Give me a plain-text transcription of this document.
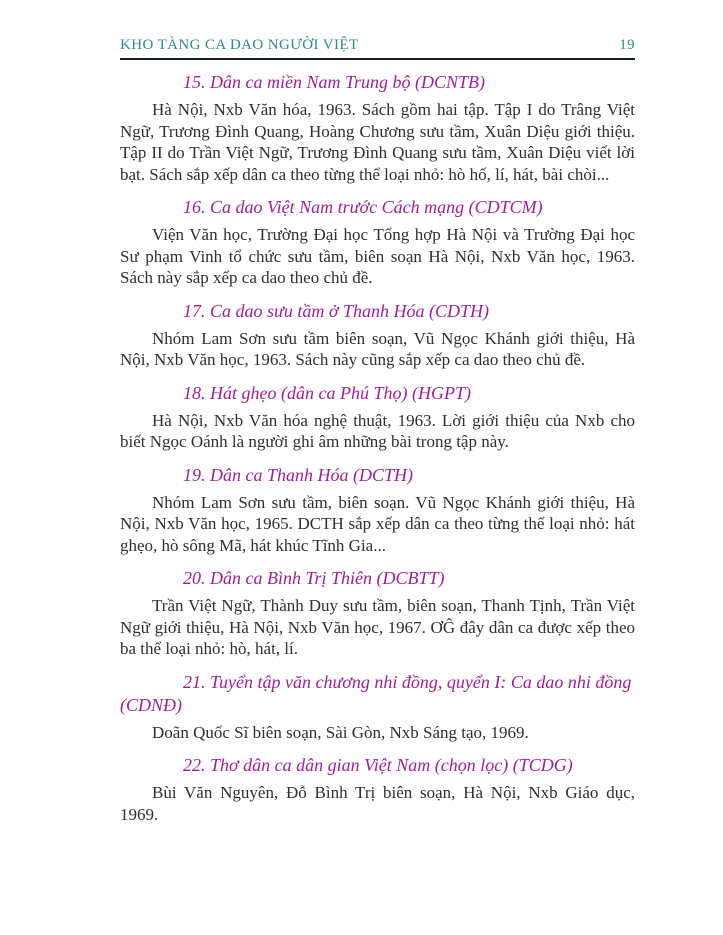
KHO TÀNG CA DAO NGƯỜI VIỆT	19
15. Dân ca miền Nam Trung bộ (DCNTB)

Hà Nội, Nxb Văn hóa, 1963. Sách gồm hai tập. Tập I do Trâng Việt Ngữ, Trương Đình Quang, Hoàng Chương sưu tầm, Xuân Diệu giới thiệu. Tập II do Trần Việt Ngữ, Trương Đình Quang sưu tầm, Xuân Diệu viết lời bạt. Sách sắp xếp dân ca theo từng thể loại nhỏ: hò hố, lí, hát, bài chòi...

16. Ca dao Việt Nam trước Cách mạng (CDTCM)

Viện Văn học, Trường Đại học Tổng hợp Hà Nội và Trường Đại học Sư phạm Vinh tổ chức sưu tầm, biên soạn Hà Nội, Nxb Văn học, 1963. Sách này sắp xếp ca dao theo chủ đề.

17. Ca dao sưu tầm ở Thanh Hóa (CDTH)

Nhóm Lam Sơn sưu tầm biên soạn, Vũ Ngọc Khánh giới thiệu, Hà Nội, Nxb Văn học, 1963. Sách này cũng sắp xếp ca dao theo chủ đề.

18. Hát ghẹo (dân ca Phú Thọ) (HGPT)

Hà Nội, Nxb Văn hóa nghệ thuật, 1963. Lời giới thiệu của Nxb cho biết Ngọc Oánh là người ghi âm những bài trong tập này.

19. Dân ca Thanh Hóa (DCTH)

Nhóm Lam Sơn sưu tầm, biên soạn. Vũ Ngọc Khánh giới thiệu, Hà Nội, Nxb Văn học, 1965. DCTH sắp xếp dân ca theo từng thể loại nhỏ: hát ghẹo, hò sông Mã, hát khúc Tĩnh Gia...

20. Dân ca Bình Trị Thiên (DCBTT)

Trần Việt Ngữ, Thành Duy sưu tầm, biên soạn, Thanh Tịnh, Trần Việt Ngữ giới thiệu, Hà Nội, Nxb Văn học, 1967. ƠĜ đây dân ca được xếp theo ba thể loại nhỏ: hò, hát, lí.

21. Tuyển tập văn chương nhi đồng, quyển I: Ca dao nhi đồng (CDNĐ)

Doãn Quốc Sĩ biên soạn, Sài Gòn, Nxb Sáng tạo, 1969.

22. Thơ dân ca dân gian Việt Nam (chọn lọc) (TCDG)

Bùi Văn Nguyên, Đỗ Bình Trị biên soạn, Hà Nội, Nxb Giáo dục, 1969.
